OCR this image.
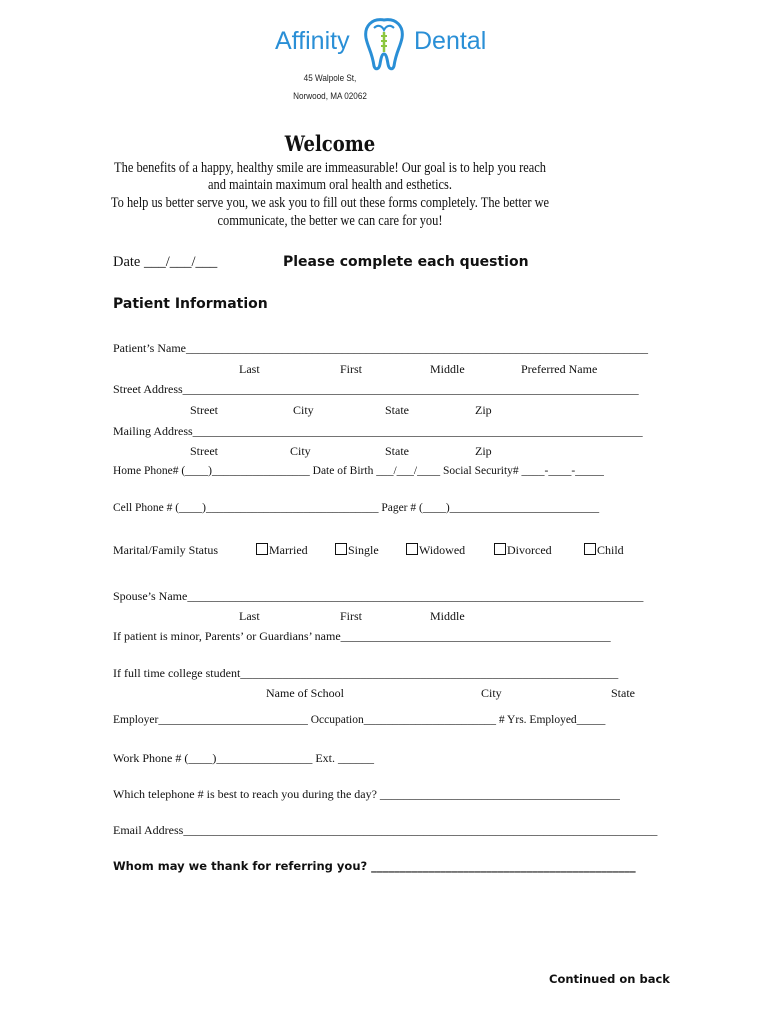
Affinity	Dental
45 Walpole St,
Norwood, MA 02062
Welcome
The benefits of a happy, healthy smile are immeasurable! Our goal is to help you reach
and maintain maximum oral health and esthetics.
To help us better serve you, we ask you to fill out these forms completely. The better we
communicate, the better we can care for you!
Date ___/___/___	Please complete each question
Patient Information
Patient’s Name_____________________________________________________________________________
Last	First	Middle	Preferred Name
Street Address____________________________________________________________________________
Street	City	State	Zip
Mailing Address___________________________________________________________________________
Street	City	State	Zip
Home Phone# (____)_________________ Date of Birth ___/___/____ Social Security# ____-____-_____
Cell Phone # (____)______________________________ Pager # (____)__________________________
Marital/Family Status	Married	Single	Widowed	Divorced	Child
Spouse’s Name____________________________________________________________________________
Last	First	Middle
If patient is minor, Parents’ or Guardians’ name_____________________________________________
If full time college student_______________________________________________________________
Name of School	City	State
Employer__________________________ Occupation_______________________ # Yrs. Employed_____
Work Phone # (____)________________ Ext. ______
Which telephone # is best to reach you during the day? ________________________________________
Email Address_______________________________________________________________________________
Whom may we thank for referring you? ______________________________________________
Continued on back
